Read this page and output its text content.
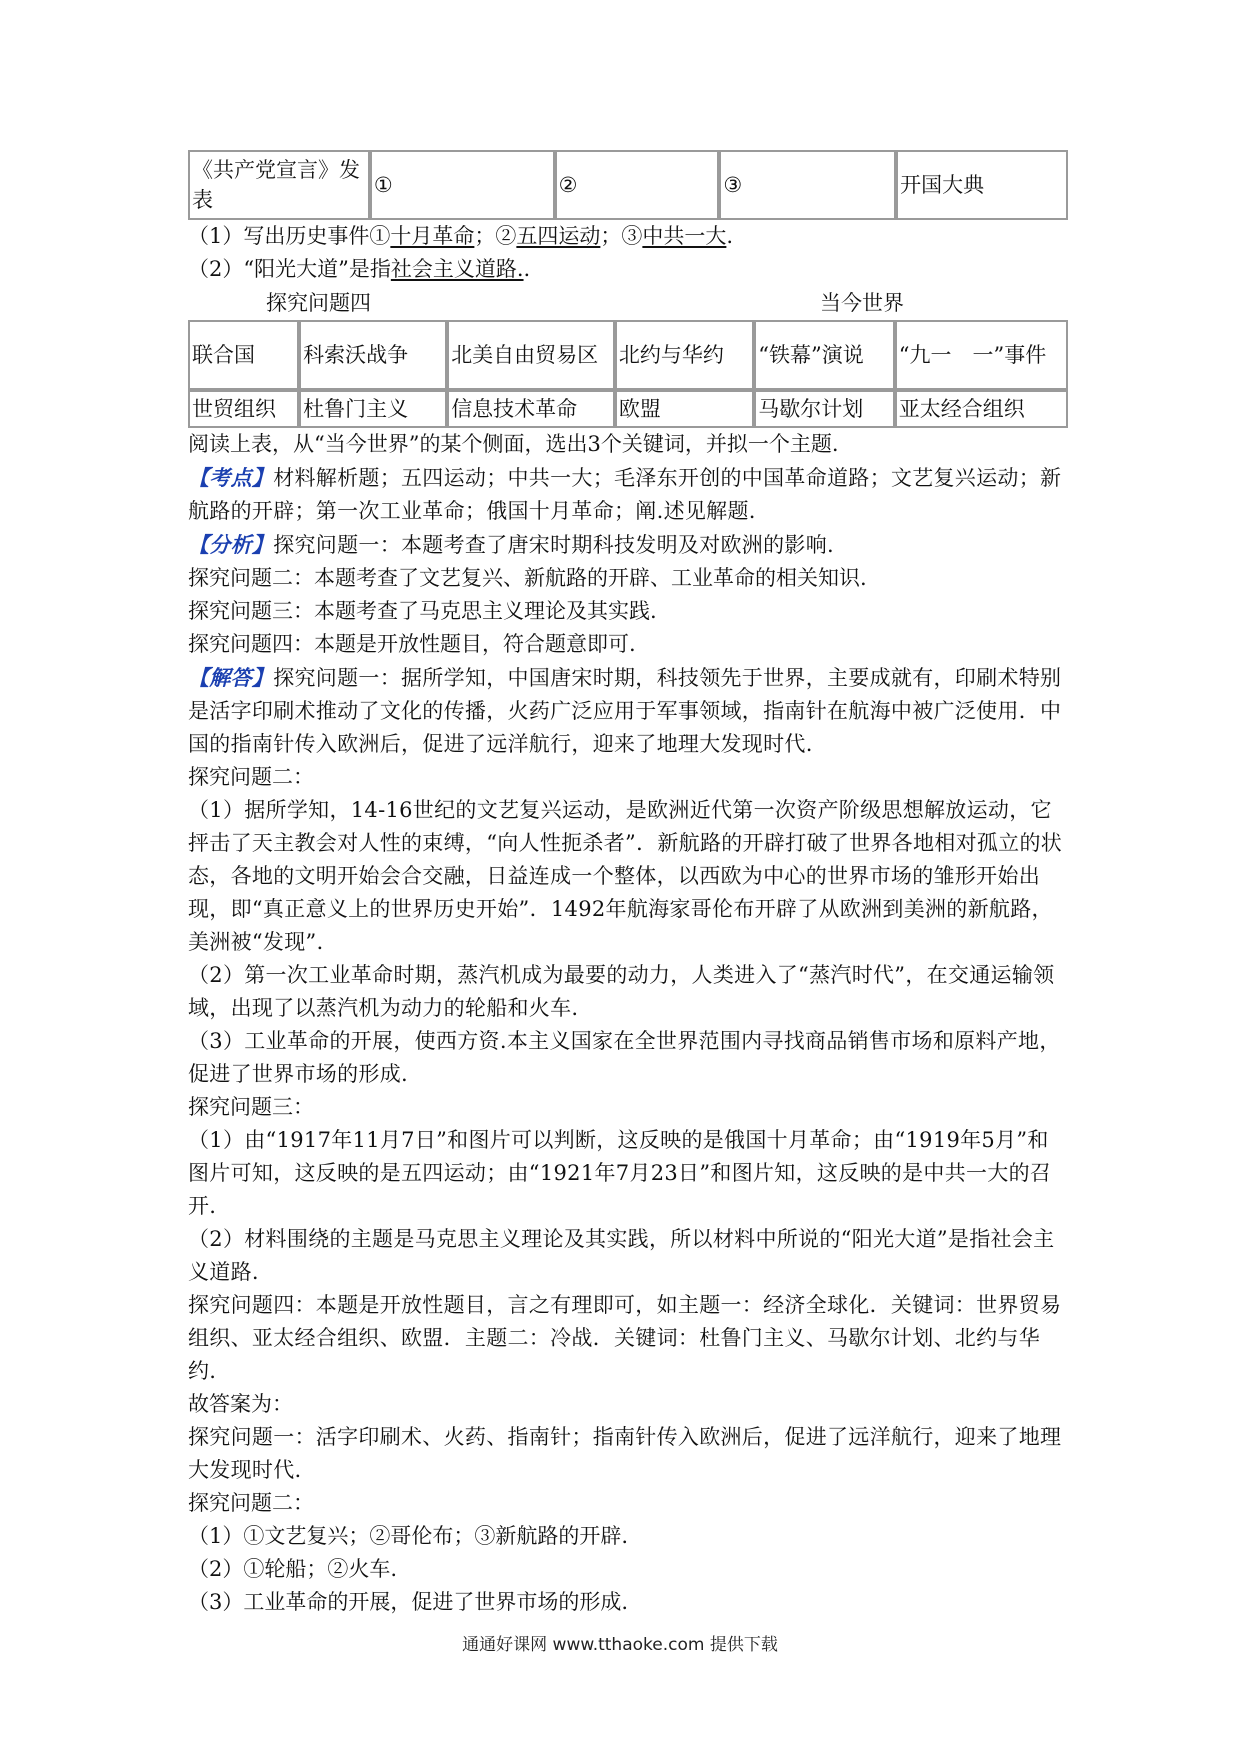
《共产党宣言》发表	①	②	③	开国大典
（1）写出历史事件①十月革命；②五四运动；③中共一大.
（2）“阳光大道”是指社会主义道路..
探究问题四	当今世界
联合国	科索沃战争	北美自由贸易区	北约与华约	“铁幕”演说	“九一　一”事件
世贸组织	杜鲁门主义	信息技术革命	欧盟	马歇尔计划	亚太经合组织
阅读上表，从“当今世界”的某个侧面，选出3个关键词，并拟一个主题.
【考点】材料解析题；五四运动；中共一大；毛泽东开创的中国革命道路；文艺复兴运动；新航路的开辟；第一次工业革命；俄国十月革命；阐.述见解题.
【分析】探究问题一：本题考查了唐宋时期科技发明及对欧洲的影响.
探究问题二：本题考查了文艺复兴、新航路的开辟、工业革命的相关知识.
探究问题三：本题考查了马克思主义理论及其实践.
探究问题四：本题是开放性题目，符合题意即可.
【解答】探究问题一：据所学知，中国唐宋时期，科技领先于世界，主要成就有，印刷术特别是活字印刷术推动了文化的传播，火药广泛应用于军事领域，指南针在航海中被广泛使用．中国的指南针传入欧洲后，促进了远洋航行，迎来了地理大发现时代.
探究问题二：
（1）据所学知，14-16世纪的文艺复兴运动，是欧洲近代第一次资产阶级思想解放运动，它抨击了天主教会对人性的束缚，“向人性扼杀者”．新航路的开辟打破了世界各地相对孤立的状态，各地的文明开始会合交融，日益连成一个整体，以西欧为中心的世界市场的雏形开始出现，即“真正意义上的世界历史开始”．1492年航海家哥伦布开辟了从欧洲到美洲的新航路，美洲被“发现”．
（2）第一次工业革命时期，蒸汽机成为最要的动力，人类进入了“蒸汽时代”，在交通运输领域，出现了以蒸汽机为动力的轮船和火车.
（3）工业革命的开展，使西方资.本主义国家在全世界范围内寻找商品销售市场和原料产地，促进了世界市场的形成.
探究问题三：
（1）由“1917年11月7日”和图片可以判断，这反映的是俄国十月革命；由“1919年5月”和图片可知，这反映的是五四运动；由“1921年7月23日”和图片知，这反映的是中共一大的召开.
（2）材料围绕的主题是马克思主义理论及其实践，所以材料中所说的“阳光大道”是指社会主义道路.
探究问题四：本题是开放性题目，言之有理即可，如主题一：经济全球化．关键词：世界贸易组织、亚太经合组织、欧盟．主题二：冷战．关键词：杜鲁门主义、马歇尔计划、北约与华约.
故答案为：
探究问题一：活字印刷术、火药、指南针；指南针传入欧洲后，促进了远洋航行，迎来了地理大发现时代.
探究问题二：
（1）①文艺复兴；②哥伦布；③新航路的开辟.
（2）①轮船；②火车.
（3）工业革命的开展，促进了世界市场的形成.
通通好课网 www.tthaoke.com 提供下载
